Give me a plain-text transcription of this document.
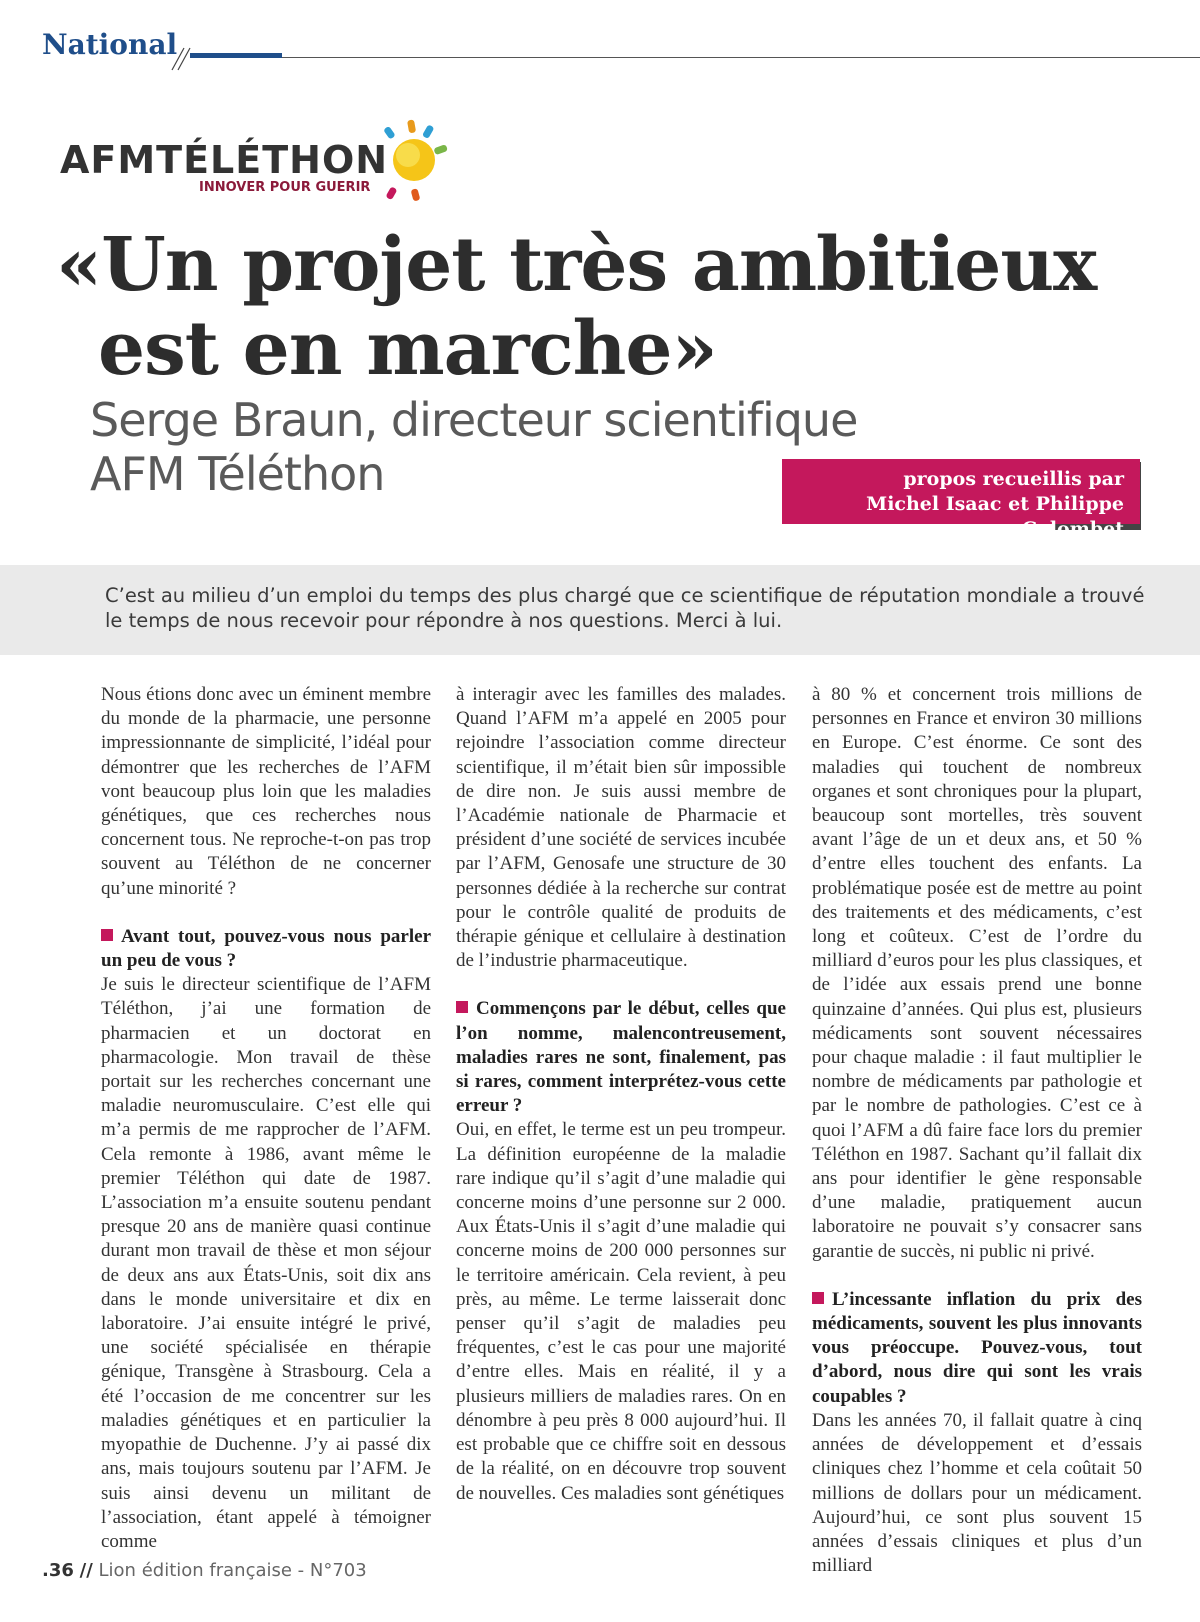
National
AFMTÉLÉTHON
INNOVER POUR GUERIR
«Un projet très ambitieux
est en marche»
Serge Braun, directeur scientifique
AFM Téléthon	propos recueillis par
Michel Isaac et Philippe Colombet
C’est au milieu d’un emploi du temps des plus chargé que ce scientifique de réputation mondiale a trouvé le temps de nous recevoir pour répondre à nos questions. Merci à lui.

Nous étions donc avec un éminent membre du monde de la pharmacie, une personne impressionnante de simplicité, l’idéal pour démontrer que les recherches de l’AFM vont beaucoup plus loin que les maladies génétiques, que ces recherches nous concernent tous. Ne reproche-t-on pas trop souvent au Téléthon de ne concerner qu’une minorité ?

Avant tout, pouvez-vous nous parler un peu de vous ?

Je suis le directeur scientifique de l’AFM Téléthon, j’ai une formation de pharmacien et un doctorat en pharmacologie. Mon travail de thèse portait sur les recherches concernant une maladie neuromusculaire. C’est elle qui m’a permis de me rapprocher de l’AFM. Cela remonte à 1986, avant même le premier Téléthon qui date de 1987. L’association m’a ensuite soutenu pendant presque 20 ans de manière quasi continue durant mon travail de thèse et mon séjour de deux ans aux États-Unis, soit dix ans dans le monde universitaire et dix en laboratoire. J’ai ensuite intégré le privé, une société spécialisée en thérapie génique, Transgène à Strasbourg. Cela a été l’occasion de me concentrer sur les maladies génétiques et en particulier la myopathie de Duchenne. J’y ai passé dix ans, mais toujours soutenu par l’AFM. Je suis ainsi devenu un militant de l’association, étant appelé à témoigner comme

à interagir avec les familles des malades. Quand l’AFM m’a appelé en 2005 pour rejoindre l’association comme directeur scientifique, il m’était bien sûr impossible de dire non. Je suis aussi membre de l’Académie nationale de Pharmacie et président d’une société de services incubée par l’AFM, Genosafe une structure de 30 personnes dédiée à la recherche sur contrat pour le contrôle qualité de produits de thérapie génique et cellulaire à destination de l’industrie pharmaceutique.

Commençons par le début, celles que l’on nomme, malencontreusement, maladies rares ne sont, finalement, pas si rares, comment interprétez-vous cette erreur ?

Oui, en effet, le terme est un peu trompeur. La définition européenne de la maladie rare indique qu’il s’agit d’une maladie qui concerne moins d’une personne sur 2 000. Aux États-Unis il s’agit d’une maladie qui concerne moins de 200 000 personnes sur le territoire américain. Cela revient, à peu près, au même. Le terme laisserait donc penser qu’il s’agit de maladies peu fréquentes, c’est le cas pour une majorité d’entre elles. Mais en réalité, il y a plusieurs milliers de maladies rares. On en dénombre à peu près 8 000 aujourd’hui. Il est probable que ce chiffre soit en dessous de la réalité, on en découvre trop souvent de nouvelles. Ces maladies sont génétiques

à 80 % et concernent trois millions de personnes en France et environ 30 millions en Europe. C’est énorme. Ce sont des maladies qui touchent de nombreux organes et sont chroniques pour la plupart, beaucoup sont mortelles, très souvent avant l’âge de un et deux ans, et 50 % d’entre elles touchent des enfants. La problématique posée est de mettre au point des traitements et des médicaments, c’est long et coûteux. C’est de l’ordre du milliard d’euros pour les plus classiques, et de l’idée aux essais prend une bonne quinzaine d’années. Qui plus est, plusieurs médicaments sont souvent nécessaires pour chaque maladie : il faut multiplier le nombre de médicaments par pathologie et par le nombre de pathologies. C’est ce à quoi l’AFM a dû faire face lors du premier Téléthon en 1987. Sachant qu’il fallait dix ans pour identifier le gène responsable d’une maladie, pratiquement aucun laboratoire ne pouvait s’y consacrer sans garantie de succès, ni public ni privé.

L’incessante inflation du prix des médicaments, souvent les plus innovants vous préoccupe. Pouvez-vous, tout d’abord, nous dire qui sont les vrais coupables ?

Dans les années 70, il fallait quatre à cinq années de développement et d’essais cliniques chez l’homme et cela coûtait 50 millions de dollars pour un médicament. Aujourd’hui, ce sont plus souvent 15 années d’essais cliniques et plus d’un milliard

.36 // Lion édition française - N°703
